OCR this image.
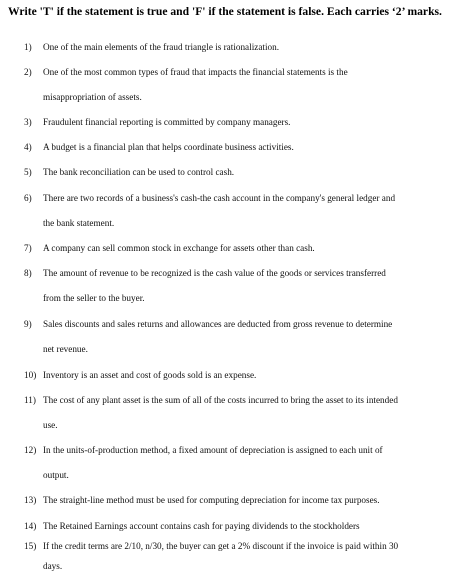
Write 'T' if the statement is true and 'F' if the statement is false. Each carries ‘2’ marks.
1) One of the main elements of the fraud triangle is rationalization.
2) One of the most common types of fraud that impacts the financial statements is the
misappropriation of assets.
3) Fraudulent financial reporting is committed by company managers.
4) A budget is a financial plan that helps coordinate business activities.
5) The bank reconciliation can be used to control cash.
6) There are two records of a business's cash-the cash account in the company's general ledger and
the bank statement.
7) A company can sell common stock in exchange for assets other than cash.
8) The amount of revenue to be recognized is the cash value of the goods or services transferred
from the seller to the buyer.
9) Sales discounts and sales returns and allowances are deducted from gross revenue to determine
net revenue.
10) Inventory is an asset and cost of goods sold is an expense.
11) The cost of any plant asset is the sum of all of the costs incurred to bring the asset to its intended
use.
12) In the units-of-production method, a fixed amount of depreciation is assigned to each unit of
output.
13) The straight-line method must be used for computing depreciation for income tax purposes.
14) The Retained Earnings account contains cash for paying dividends to the stockholders
15) If the credit terms are 2/10, n/30, the buyer can get a 2% discount if the invoice is paid within 30
days.
